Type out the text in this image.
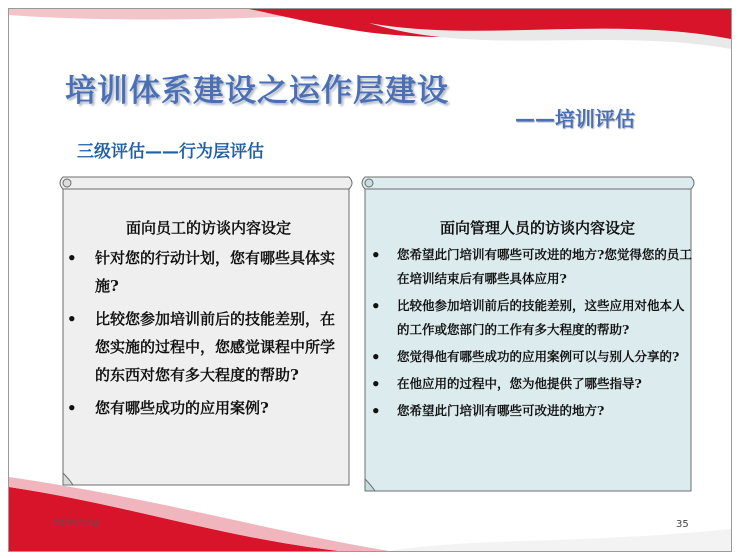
培训体系建设之运作层建设
——培训评估
三级评估——行为层评估
面向员工的访谈内容设定
• 针对您的行动计划，您有哪些具体实施?
• 比较您参加培训前后的技能差别，在您实施的过程中，您感觉课程中所学的东西对您有多大程度的帮助?
• 您有哪些成功的应用案例?
面向管理人员的访谈内容设定
• 您希望此门培训有哪些可改进的地方?您觉得您的员工在培训结束后有哪些具体应用?
• 比较他参加培训前后的技能差别，这些应用对他本人的工作或您部门的工作有多大程度的帮助?
• 您觉得他有哪些成功的应用案例可以与别人分享的?
• 在他应用的过程中，您为他提供了哪些指导?
• 您希望此门培训有哪些可改进的地方?
2022/1/14	35
